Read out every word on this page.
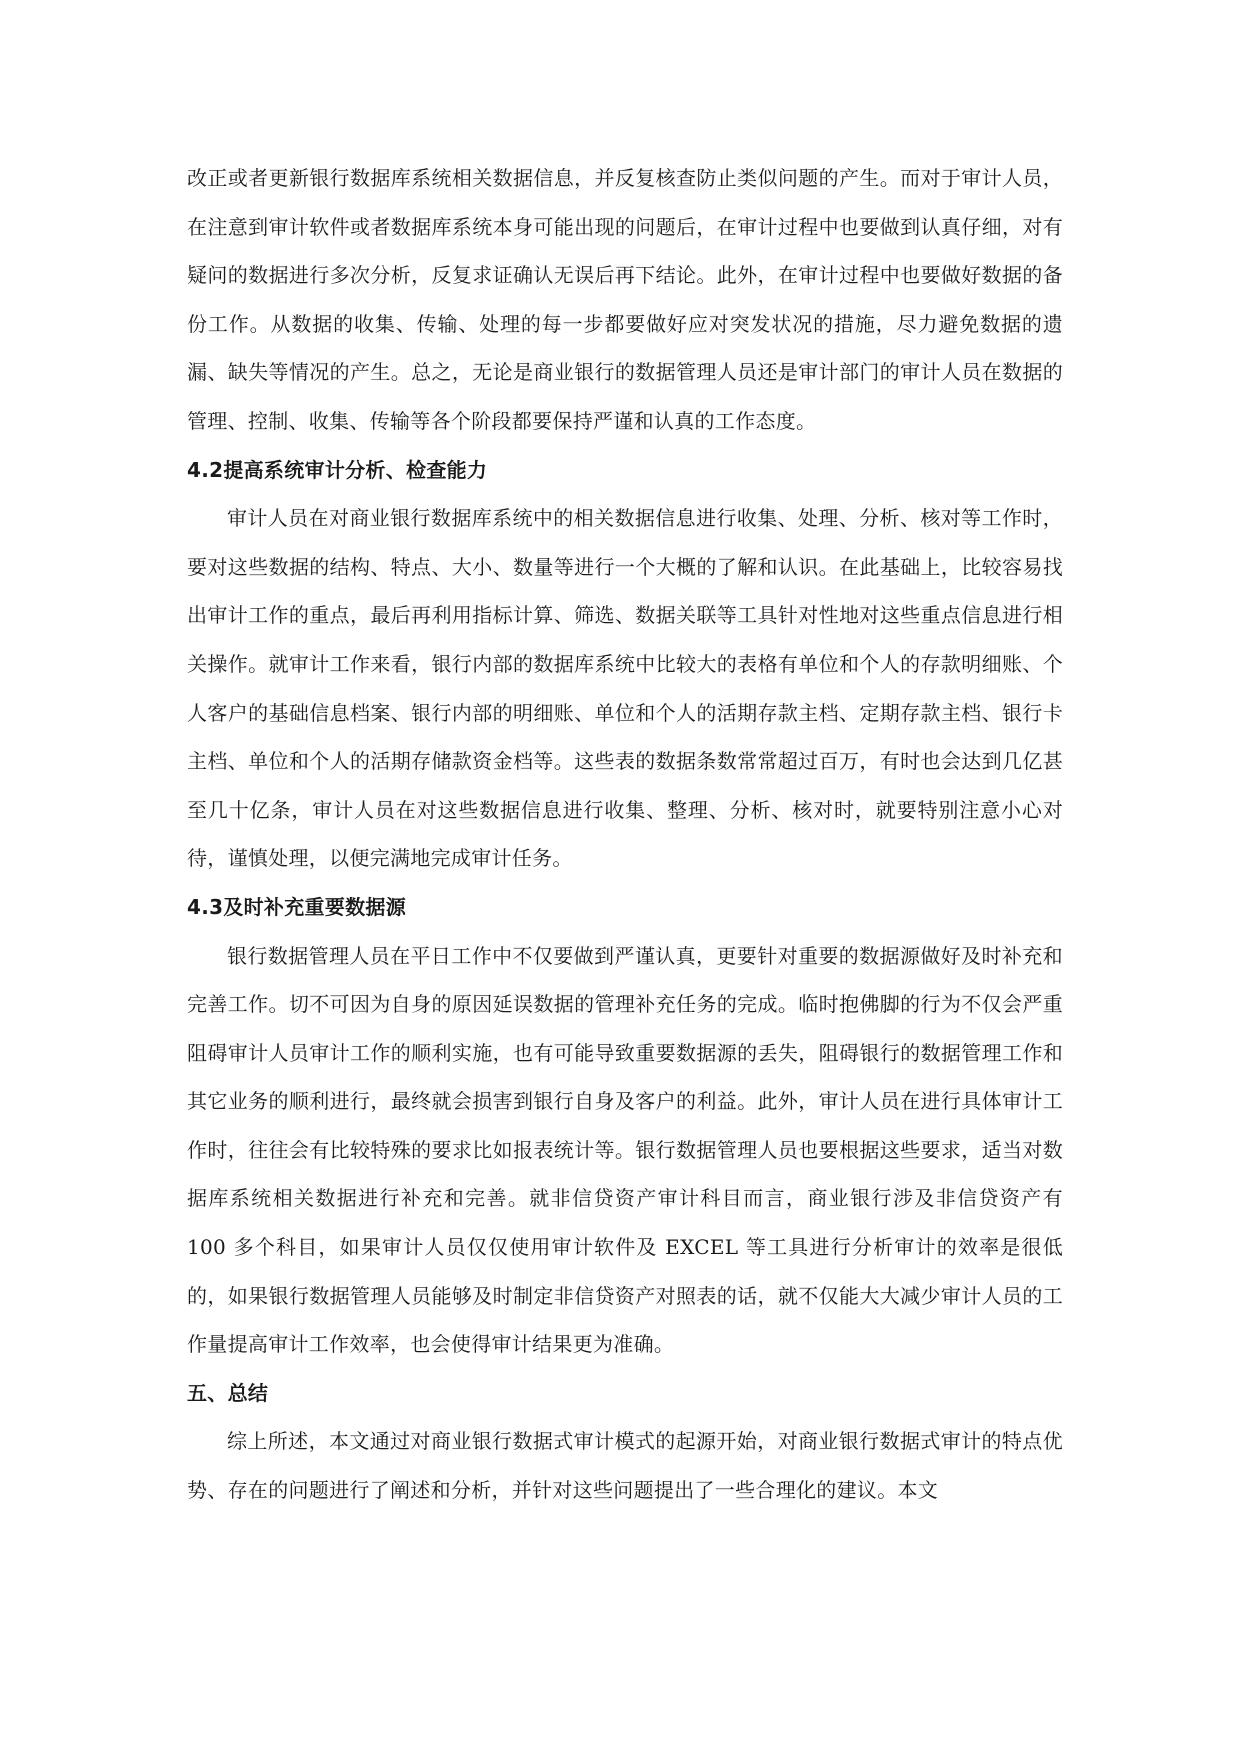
改正或者更新银行数据库系统相关数据信息，并反复核查防止类似问题的产生。而对于审计人员，在注意到审计软件或者数据库系统本身可能出现的问题后，在审计过程中也要做到认真仔细，对有疑问的数据进行多次分析，反复求证确认无误后再下结论。此外，在审计过程中也要做好数据的备份工作。从数据的收集、传输、处理的每一步都要做好应对突发状况的措施，尽力避免数据的遗漏、缺失等情况的产生。总之，无论是商业银行的数据管理人员还是审计部门的审计人员在数据的管理、控制、收集、传输等各个阶段都要保持严谨和认真的工作态度。

4.2提高系统审计分析、检查能力

审计人员在对商业银行数据库系统中的相关数据信息进行收集、处理、分析、核对等工作时，要对这些数据的结构、特点、大小、数量等进行一个大概的了解和认识。在此基础上，比较容易找出审计工作的重点，最后再利用指标计算、筛选、数据关联等工具针对性地对这些重点信息进行相关操作。就审计工作来看，银行内部的数据库系统中比较大的表格有单位和个人的存款明细账、个人客户的基础信息档案、银行内部的明细账、单位和个人的活期存款主档、定期存款主档、银行卡主档、单位和个人的活期存储款资金档等。这些表的数据条数常常超过百万，有时也会达到几亿甚至几十亿条，审计人员在对这些数据信息进行收集、整理、分析、核对时，就要特别注意小心对待，谨慎处理，以便完满地完成审计任务。

4.3及时补充重要数据源

银行数据管理人员在平日工作中不仅要做到严谨认真，更要针对重要的数据源做好及时补充和完善工作。切不可因为自身的原因延误数据的管理补充任务的完成。临时抱佛脚的行为不仅会严重阻碍审计人员审计工作的顺利实施，也有可能导致重要数据源的丢失，阻碍银行的数据管理工作和其它业务的顺利进行，最终就会损害到银行自身及客户的利益。此外，审计人员在进行具体审计工作时，往往会有比较特殊的要求比如报表统计等。银行数据管理人员也要根据这些要求，适当对数据库系统相关数据进行补充和完善。就非信贷资产审计科目而言，商业银行涉及非信贷资产有 100 多个科目，如果审计人员仅仅使用审计软件及 EXCEL 等工具进行分析审计的效率是很低的，如果银行数据管理人员能够及时制定非信贷资产对照表的话，就不仅能大大减少审计人员的工作量提高审计工作效率，也会使得审计结果更为准确。

五、总结

综上所述，本文通过对商业银行数据式审计模式的起源开始，对商业银行数据式审计的特点优势、存在的问题进行了阐述和分析，并针对这些问题提出了一些合理化的建议。本文
